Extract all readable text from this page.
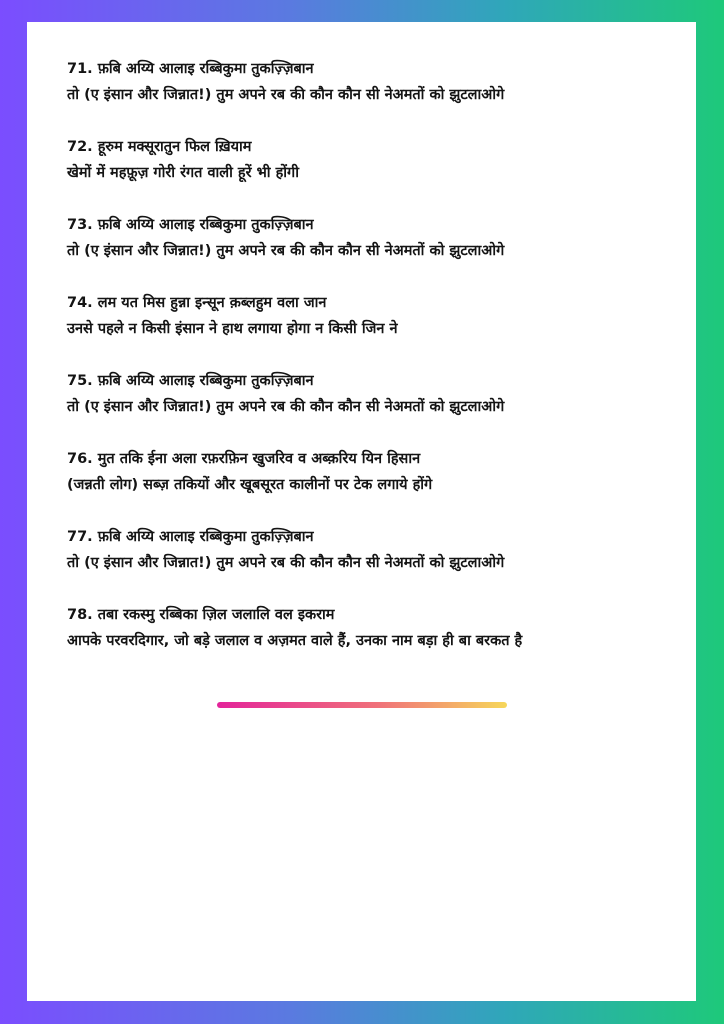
71. फ़बि अय्यि आलाइ रब्बिकुमा तुकज़्ज़िबान
तो (ए इंसान और जिन्नात!) तुम अपने रब की कौन कौन सी नेअमतों को झुटलाओगे
72. हूरुम मक्सूरातुन फिल ख़ियाम
खेमों में महफ़ूज़ गोरी रंगत वाली हूरें भी होंगी
73. फ़बि अय्यि आलाइ रब्बिकुमा तुकज़्ज़िबान
तो (ए इंसान और जिन्नात!) तुम अपने रब की कौन कौन सी नेअमतों को झुटलाओगे
74. लम यत मिस हुन्ना इन्सून क़ब्लहुम वला जान
उनसे पहले न किसी इंसान ने हाथ लगाया होगा न किसी जिन ने
75. फ़बि अय्यि आलाइ रब्बिकुमा तुकज़्ज़िबान
तो (ए इंसान और जिन्नात!) तुम अपने रब की कौन कौन सी नेअमतों को झुटलाओगे
76. मुत तकि ईना अला रफ़रफ़िन खुजरिव व अब्क़रिय यिन हिसान
(जन्नती लोग) सब्ज़ तकियों और खूबसूरत कालीनों पर टेक लगाये होंगे
77. फ़बि अय्यि आलाइ रब्बिकुमा तुकज़्ज़िबान
तो (ए इंसान और जिन्नात!) तुम अपने रब की कौन कौन सी नेअमतों को झुटलाओगे
78. तबा रकस्मु रब्बिका ज़िल जलालि वल इकराम
आपके परवरदिगार, जो बड़े जलाल व अज़मत वाले हैं, उनका नाम बड़ा ही बा बरकत है
